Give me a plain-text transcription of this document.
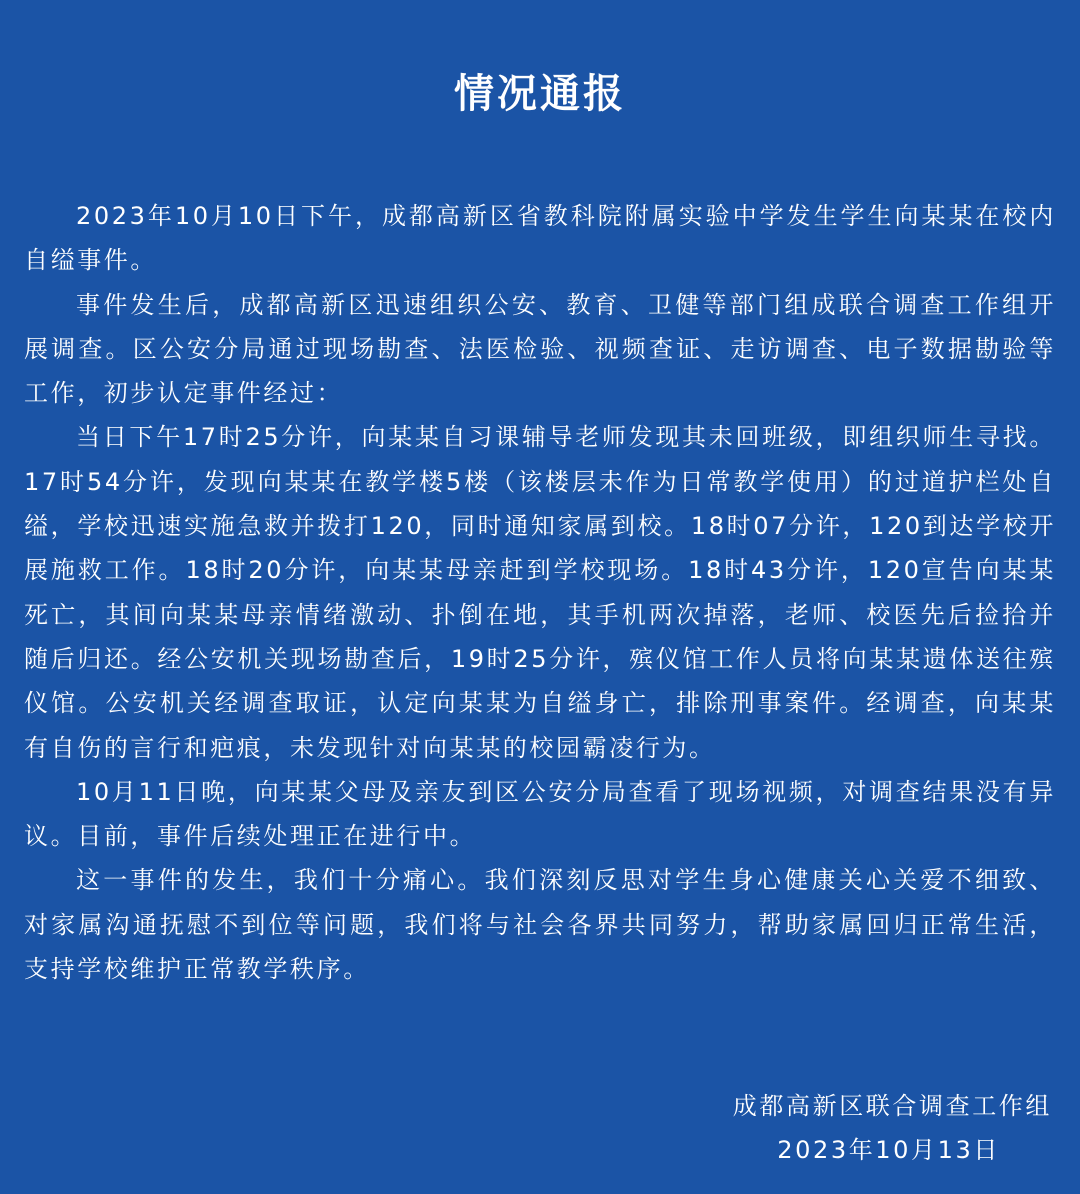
情况通报

2023年10月10日下午，成都高新区省教科院附属实验中学发生学生向某某在校内自缢事件。

事件发生后，成都高新区迅速组织公安、教育、卫健等部门组成联合调查工作组开展调查。区公安分局通过现场勘查、法医检验、视频查证、走访调查、电子数据勘验等工作，初步认定事件经过：

当日下午17时25分许，向某某自习课辅导老师发现其未回班级，即组织师生寻找。17时54分许，发现向某某在教学楼5楼（该楼层未作为日常教学使用）的过道护栏处自缢，学校迅速实施急救并拨打120，同时通知家属到校。18时07分许，120到达学校开展施救工作。18时20分许，向某某母亲赶到学校现场。18时43分许，120宣告向某某死亡，其间向某某母亲情绪激动、扑倒在地，其手机两次掉落，老师、校医先后捡拾并随后归还。经公安机关现场勘查后，19时25分许，殡仪馆工作人员将向某某遗体送往殡仪馆。公安机关经调查取证，认定向某某为自缢身亡，排除刑事案件。经调查，向某某有自伤的言行和疤痕，未发现针对向某某的校园霸凌行为。

10月11日晚，向某某父母及亲友到区公安分局查看了现场视频，对调查结果没有异议。目前，事件后续处理正在进行中。

这一事件的发生，我们十分痛心。我们深刻反思对学生身心健康关心关爱不细致、对家属沟通抚慰不到位等问题，我们将与社会各界共同努力，帮助家属回归正常生活，支持学校维护正常教学秩序。

成都高新区联合调查工作组

2023年10月13日
